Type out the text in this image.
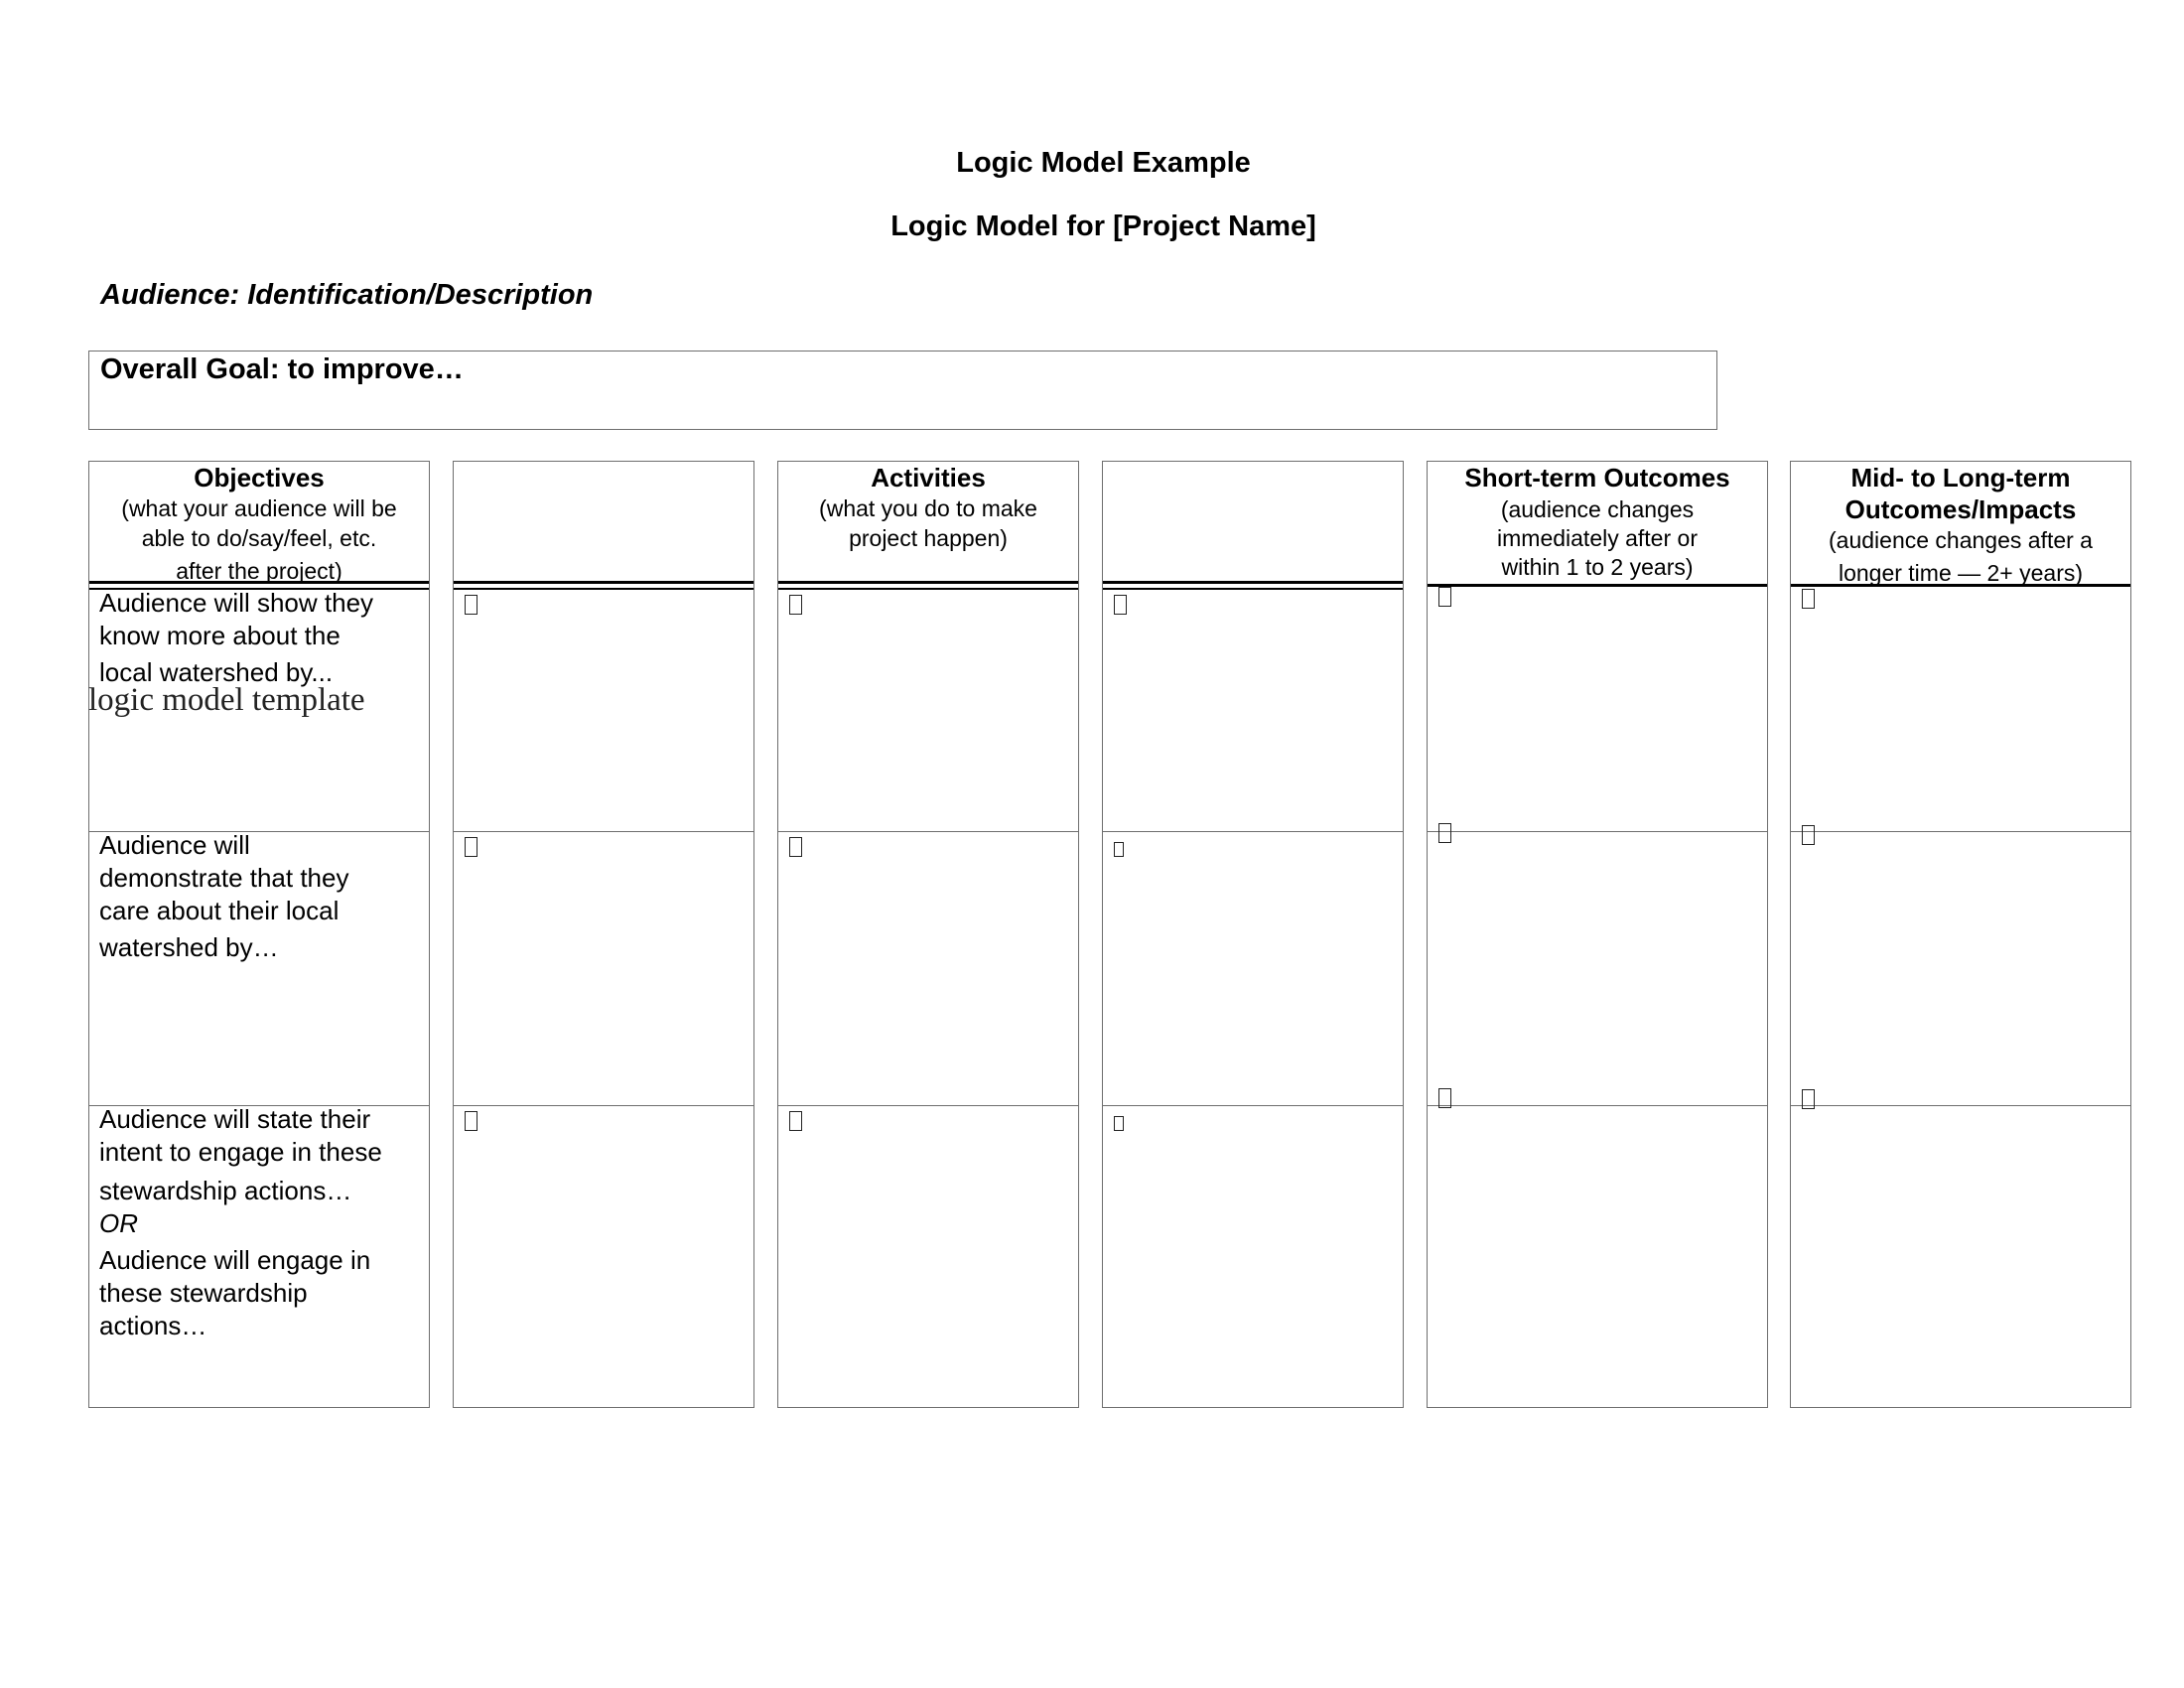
Logic Model Example
Logic Model for [Project Name]
Audience: Identification/Description
Overall Goal: to improve…
Objectives
(what your audience will be
able to do/say/feel, etc.
after the project)
Audience will show they
know more about the
local watershed by...
Audience will
demonstrate that they
care about their local
watershed by…
Audience will state their
intent to engage in these
stewardship actions…
OR
Audience will engage in
these stewardship
actions…
Activities
(what you do to make
project happen)
Short-term Outcomes
(audience changes
immediately after or
within 1 to 2 years)
Mid- to Long-term
Outcomes/Impacts
(audience changes after a
longer time — 2+ years)
logic model template
